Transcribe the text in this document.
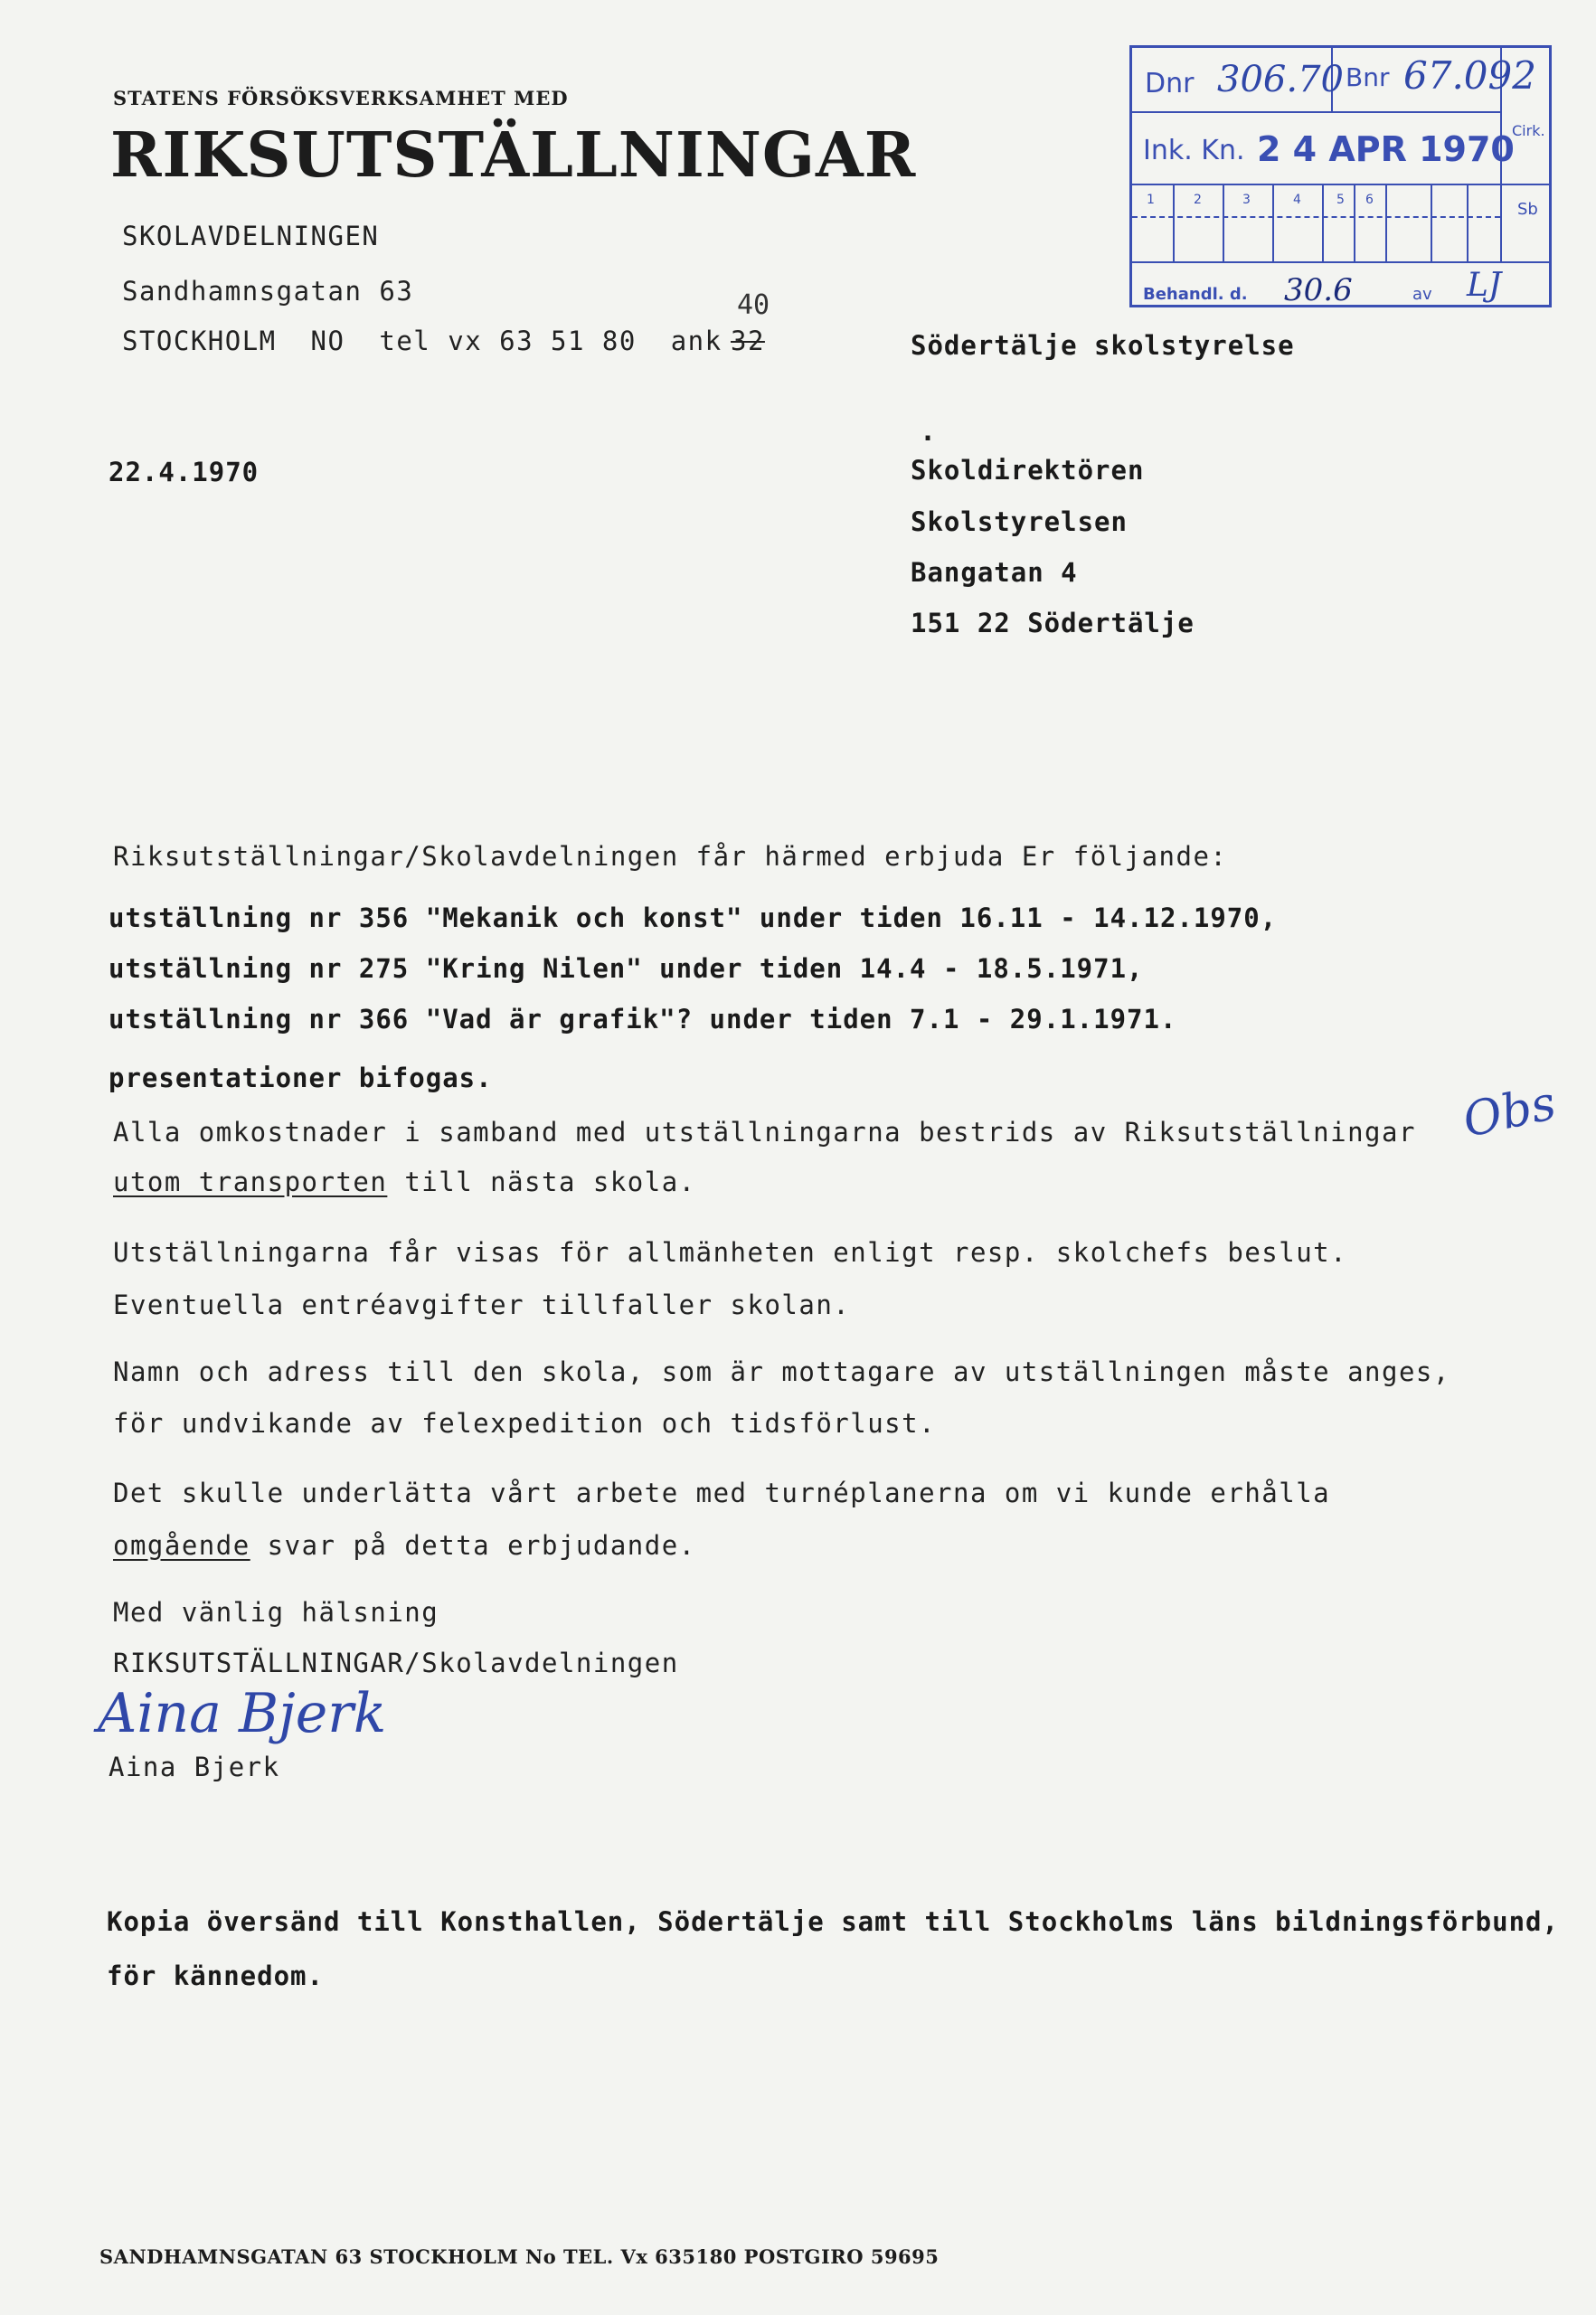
STATENS FÖRSÖKSVERKSAMHET MED
RIKSUTSTÄLLNINGAR
SKOLAVDELNINGEN
Sandhamnsgatan 63
STOCKHOLM  NO  tel vx 63 51 80  ank 32
40
22.4.1970
Södertälje skolstyrelse
.
Skoldirektören
Skolstyrelsen
Bangatan 4
151 22 Södertälje
Dnr 306.70 Bnr 67.092
Ink. Kn. 2 4 APR 1970
Cirk.
Sb
1	2	3	4	5 6
Behandl. d. 30.6	av LJ
Riksutställningar/Skolavdelningen får härmed erbjuda Er följande:
utställning nr 356 "Mekanik och konst" under tiden 16.11 - 14.12.1970,
utställning nr 275 "Kring Nilen" under tiden 14.4 - 18.5.1971,
utställning nr 366 "Vad är grafik"? under tiden 7.1 - 29.1.1971.
presentationer bifogas.
Alla omkostnader i samband med utställningarna bestrids av Riksutställningar
utom transporten till nästa skola.
Utställningarna får visas för allmänheten enligt resp. skolchefs beslut.
Eventuella entréavgifter tillfaller skolan.
Namn och adress till den skola, som är mottagare av utställningen måste anges,
för undvikande av felexpedition och tidsförlust.
Det skulle underlätta vårt arbete med turnéplanerna om vi kunde erhålla
omgående svar på detta erbjudande.
Med vänlig hälsning
RIKSUTSTÄLLNINGAR/Skolavdelningen
Aina Bjerk
Aina Bjerk
Obs
Kopia översänd till Konsthallen, Södertälje samt till Stockholms läns bildningsförbund,
för kännedom.
SANDHAMNSGATAN 63 STOCKHOLM No TEL. Vx 635180 POSTGIRO 59695
